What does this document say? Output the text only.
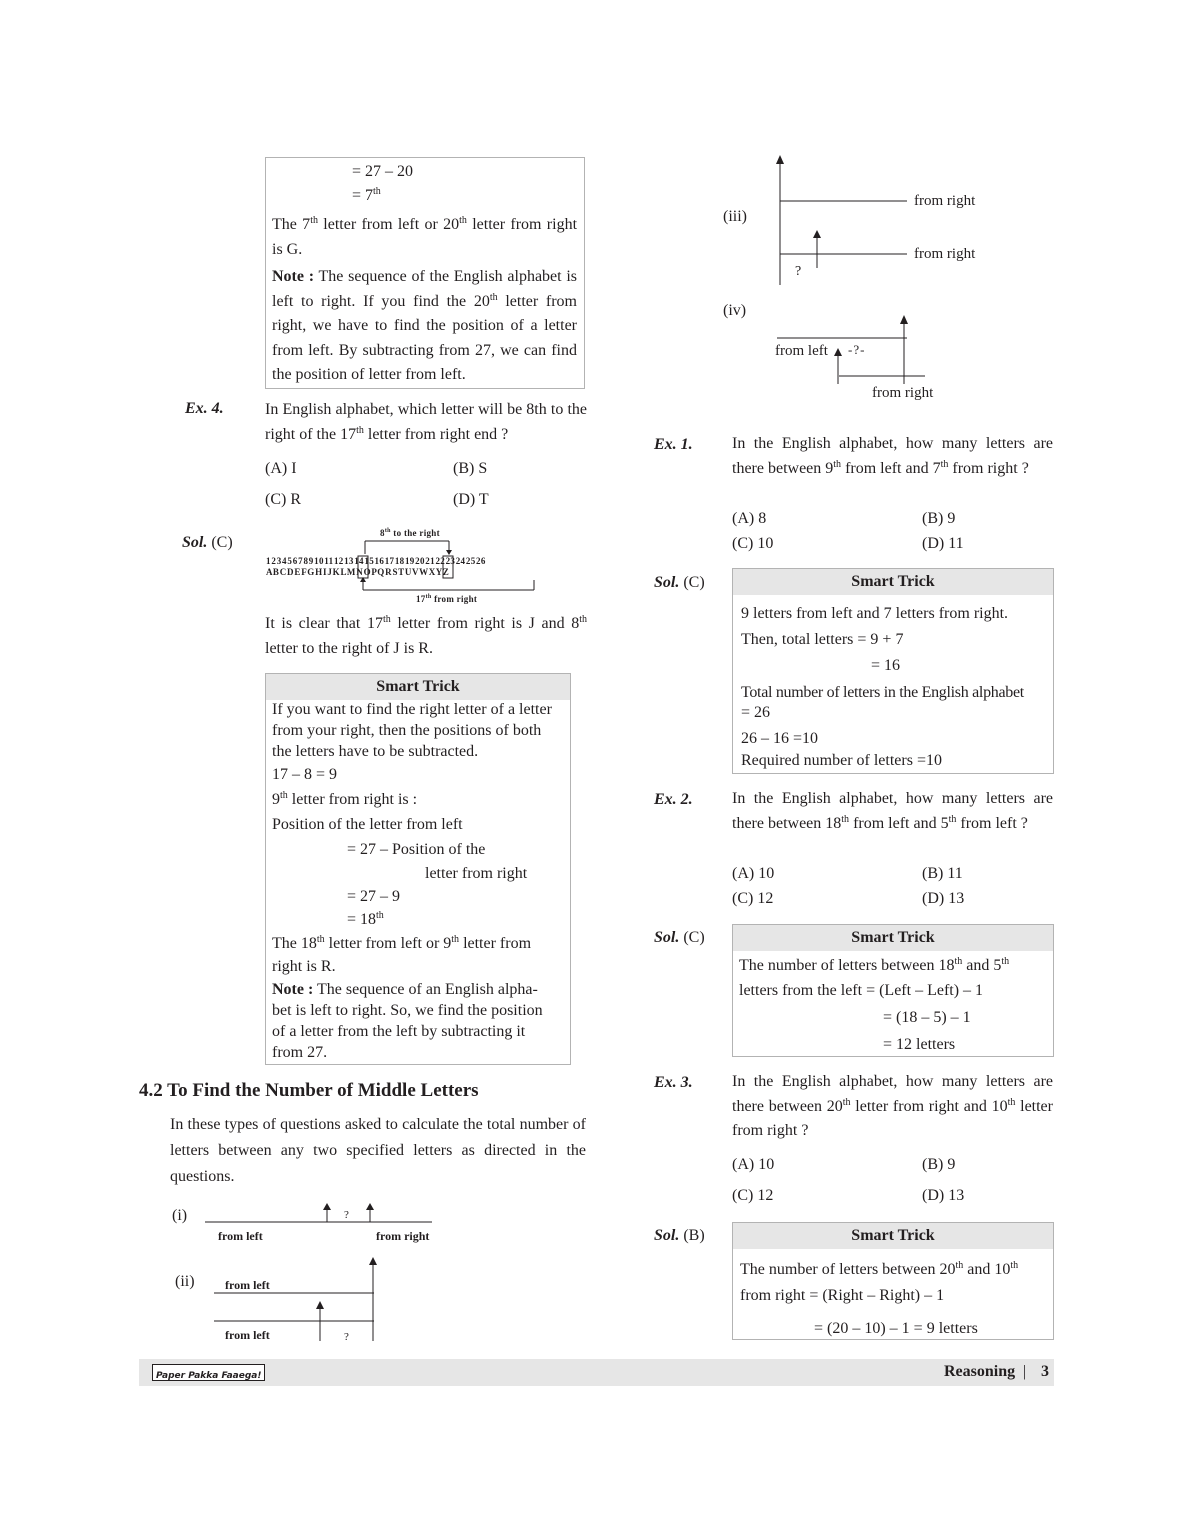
= 27 – 20
= 7th
The 7th letter from left or 20th letter from right is G.
Note : The sequence of the English alphabet is left to right. If you find the 20th letter from right, we have to find the position of a letter from left. By subtracting from 27, we can find the position of letter from left.
Ex. 4.	In English alphabet, which letter will be 8th to the right of the 17th letter from right end ?
(A) I	(B) S
(C) R	(D) T
Sol. (C)
8th to the right
1 2 3 4 5 6 7 8 9 10 11 12 13 14 15 16 17 18 19 20 21 22 23 24 25 26
A B C D E F G H I J K L M N O P Q R S T U V W X Y Z
17th from right
It is clear that 17th letter from right is J and 8th letter to the right of J is R.
Smart Trick
If you want to find the right letter of a letter
from your right, then the positions of both
the letters have to be subtracted.
17 – 8 = 9
9th letter from right is :
Position of the letter from left
= 27 – Position of the
letter from right
= 27 – 9
= 18th
The 18th letter from left or 9th letter from
right is R.
Note : The sequence of an English alpha-
bet is left to right. So, we find the position
of a letter from the left by subtracting it
from 27.
4.2 To Find the Number of Middle Letters
In these types of questions asked to calculate the total number of letters between any two specified letters as directed in the questions.
(i)	?
from left	from right
(ii)	from left
from left	?
(iii)
from right
from right
?
(iv)
from left -?-
from right
Ex. 1. In the English alphabet, how many letters are there between 9th from left and 7th from right ?
(A) 8	(B) 9
(C) 10	(D) 11
Sol. (C)	Smart Trick
9 letters from left and 7 letters from right.
Then, total letters = 9 + 7
= 16
Total number of letters in the English alphabet
= 26
26 – 16 =10
Required number of letters =10
Ex. 2. In the English alphabet, how many letters are there between 18th from left and 5th from left ?
(A) 10	(B) 11
(C) 12	(D) 13
Sol. (C)	Smart Trick
The number of letters between 18th and 5th
letters from the left = (Left – Left) – 1
= (18 – 5) – 1
= 12 letters
Ex. 3. In the English alphabet, how many letters are there between 20th letter from right and 10th letter from right ?
(A) 10	(B) 9
(C) 12	(D) 13
Sol. (B)	Smart Trick
The number of letters between 20th and 10th
from right = (Right – Right) – 1
= (20 – 10) – 1 = 9 letters
Paper Pakka Faaega!	Reasoning | 3
